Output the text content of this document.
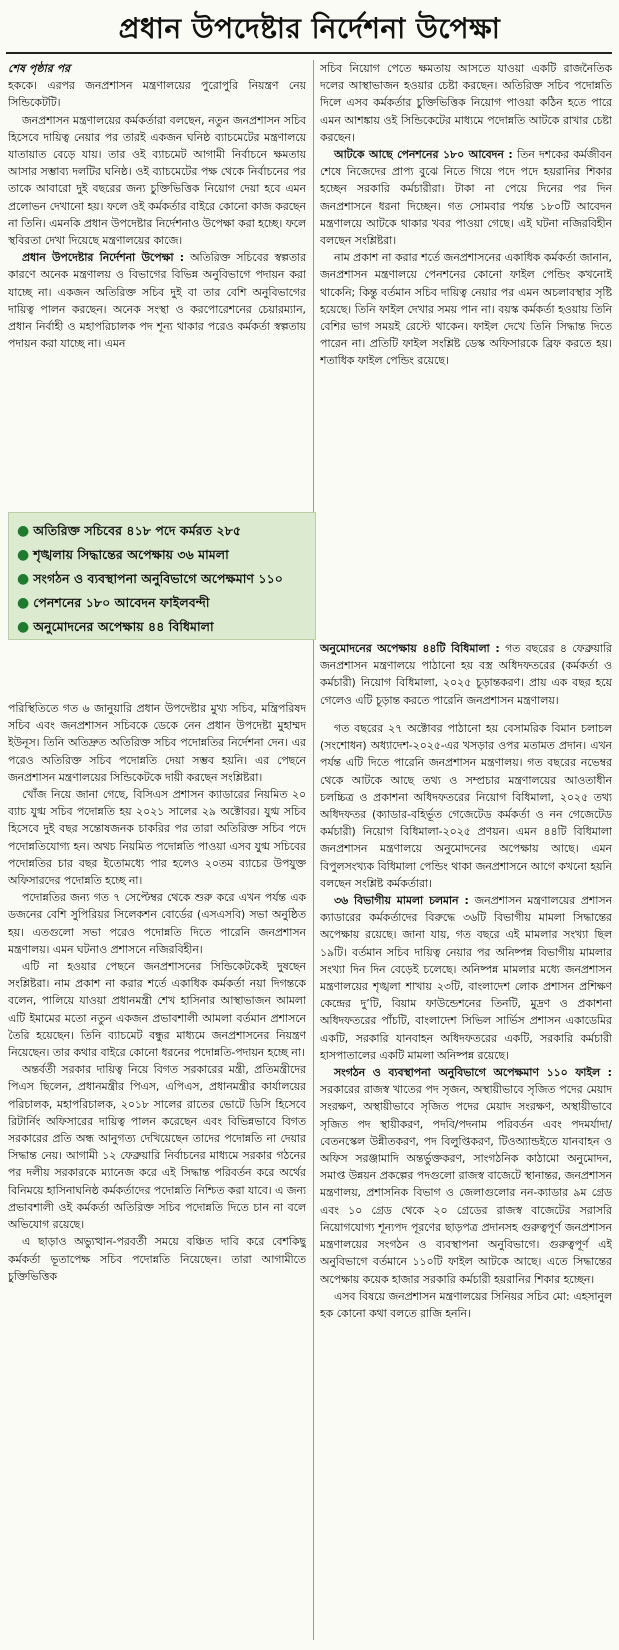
প্রধান উপদেষ্টার নির্দেশনা উপেক্ষা

শেষ পৃষ্ঠার পর

হককে। এরপর জনপ্রশাসন মন্ত্রণালয়ের পুরোপুরি নিয়ন্ত্রণ নেয় সিন্ডিকেটটি।

জনপ্রশাসন মন্ত্রণালয়ের কর্মকর্তারা বলছেন, নতুন জনপ্রশাসন সচিব হিসেবে দায়িত্ব নেয়ার পর তারই একজন ঘনিষ্ঠ ব্যাচমেটের মন্ত্রণালয়ে যাতায়াত বেড়ে যায়। তার ওই ব্যাচমেট আগামী নির্বাচনে ক্ষমতায় আসার সম্ভাব্য দলটির ঘনিষ্ঠ। ওই ব্যাচমেটের পক্ষ থেকে নির্বাচনের পর তাকে আবারো দুই বছরের জন্য চুক্তিভিত্তিক নিয়োগ দেয়া হবে এমন প্রলোভন দেখানো হয়। ফলে ওই কর্মকর্তার বাইরে কোনো কাজ করছেন না তিনি। এমনকি প্রধান উপদেষ্টার নির্দেশনাও উপেক্ষা করা হচ্ছে। ফলে স্থবিরতা দেখা দিয়েছে মন্ত্রণালয়ের কাজে।

প্রধান উপদেষ্টার নির্দেশনা উপেক্ষা : অতিরিক্ত সচিবের স্বল্পতার কারণে অনেক মন্ত্রণালয় ও বিভাগের বিভিন্ন অনুবিভাগে পদায়ন করা যাচ্ছে না। একজন অতিরিক্ত সচিব দুই বা তার বেশি অনুবিভাগের দায়িত্ব পালন করছেন। অনেক সংস্থা ও করপোরেশনের চেয়ারম্যান, প্রধান নির্বাহী ও মহাপরিচালক পদ শূন্য থাকার পরেও কর্মকর্তা স্বল্পতায় পদায়ন করা যাচ্ছে না। এমন

● অতিরিক্ত সচিবের ৪১৮ পদে কর্মরত ২৮৫
● শৃঙ্খলায় সিদ্ধান্তের অপেক্ষায় ৩৬ মামলা
● সংগঠন ও ব্যবস্থাপনা অনুবিভাগে অপেক্ষমাণ ১১০
● পেনশনের ১৮০ আবেদন ফাইলবন্দী
● অনুমোদনের অপেক্ষায় ৪৪ বিধিমালা

পরিস্থিতিতে গত ৬ জানুয়ারি প্রধান উপদেষ্টার মুখ্য সচিব, মন্ত্রিপরিষদ সচিব এবং জনপ্রশাসন সচিবকে ডেকে নেন প্রধান উপদেষ্টা মুহাম্মদ ইউনূস। তিনি অতিদ্রুত অতিরিক্ত সচিব পদোন্নতির নির্দেশনা দেন। এর পরেও অতিরিক্ত সচিব পদোন্নতি দেয়া সম্ভব হয়নি। এর পেছনে জনপ্রশাসন মন্ত্রণালয়ের সিন্ডিকেটকে দায়ী করছেন সংশ্লিষ্টরা।

খোঁজ নিয়ে জানা গেছে, বিসিএস প্রশাসন ক্যাডারের নিয়মিত ২০ ব্যাচ যুগ্ম সচিব পদোন্নতি হয় ২০২১ সালের ২৯ অক্টোবর। যুগ্ম সচিব হিসেবে দুই বছর সন্তোষজনক চাকরির পর তারা অতিরিক্ত সচিব পদে পদোন্নতিযোগ্য হন। অথচ নিয়মিত পদোন্নতি পাওয়া এসব যুগ্ম সচিবের পদোন্নতির চার বছর ইতোমধ্যে পার হলেও ২০তম ব্যাচের উপযুক্ত অফিসারদের পদোন্নতি হচ্ছে না।

পদোন্নতির জন্য গত ৭ সেপ্টেম্বর থেকে শুরু করে এখন পর্যন্ত এক ডজনের বেশি সুপিরিয়র সিলেকশন বোর্ডের (এসএসবি) সভা অনুষ্ঠিত হয়। এতগুলো সভা পরেও পদোন্নতি দিতে পারেনি জনপ্রশাসন মন্ত্রণালয়। এমন ঘটনাও প্রশাসনে নজিরবিহীন।

এটি না হওয়ার পেছনে জনপ্রশাসনের সিন্ডিকেটকেই দুষছেন সংশ্লিষ্টরা। নাম প্রকাশ না করার শর্তে একাধিক কর্মকর্তা নয়া দিগন্তকে বলেন, পালিয়ে যাওয়া প্রধানমন্ত্রী শেখ হাসিনার আস্থাভাজন আমলা এটি ইমামের মতো নতুন একজন প্রভাবশালী আমলা বর্তমান প্রশাসনে তৈরি হয়েছেন। তিনি ব্যাচমেট বন্ধুর মাধ্যমে জনপ্রশাসনের নিয়ন্ত্রণ নিয়েছেন। তার কথার বাইরে কোনো ধরনের পদোন্নতি-পদায়ন হচ্ছে না।

অন্তর্বর্তী সরকার দায়িত্ব নিয়ে বিগত সরকারের মন্ত্রী, প্রতিমন্ত্রীদের পিএস ছিলেন, প্রধানমন্ত্রীর পিএস, এপিএস, প্রধানমন্ত্রীর কার্যালয়ের পরিচালক, মহাপরিচালক, ২০১৮ সালের রাতের ভোটে ডিসি হিসেবে রিটার্নিং অফিসারের দায়িত্ব পালন করেছেন এবং বিভিন্নভাবে বিগত সরকারের প্রতি অন্ধ আনুগত্য দেখিয়েছেন তাদের পদোন্নতি না দেয়ার সিদ্ধান্ত নেয়। আগামী ১২ ফেব্রুয়ারি নির্বাচনের মাধ্যমে সরকার গঠনের পর দলীয় সরকারকে ম্যানেজ করে এই সিদ্ধান্ত পরিবর্তন করে অর্থের বিনিময়ে হাসিনাঘনিষ্ঠ কর্মকর্তাদের পদোন্নতি নিশ্চিত করা যাবে। এ জন্য প্রভাবশালী ওই কর্মকর্তা অতিরিক্ত সচিব পদোন্নতি দিতে চান না বলে অভিযোগ রয়েছে।

এ ছাড়াও অভ্যুত্থান-পরবর্তী সময়ে বঞ্চিত দাবি করে বেশকিছু কর্মকর্তা ভূতাপেক্ষ সচিব পদোন্নতি নিয়েছেন। তারা আগামীতে চুক্তিভিত্তিক

সচিব নিয়োগ পেতে ক্ষমতায় আসতে যাওয়া একটি রাজনৈতিক দলের আস্থাভাজন হওয়ার চেষ্টা করছেন। অতিরিক্ত সচিব পদোন্নতি দিলে এসব কর্মকর্তার চুক্তিভিত্তিক নিয়োগ পাওয়া কঠিন হতে পারে এমন আশঙ্কায় ওই সিন্ডিকেটের মাধ্যমে পদোন্নতি আটকে রাখার চেষ্টা করছেন।

আটকে আছে পেনশনের ১৮০ আবেদন : তিন দশকের কর্মজীবন শেষে নিজেদের প্রাপ্য বুঝে নিতে গিয়ে পদে পদে হয়রানির শিকার হচ্ছেন সরকারি কর্মচারীরা। টাকা না পেয়ে দিনের পর দিন জনপ্রশাসনে ধরনা দিচ্ছেন। গত সোমবার পর্যন্ত ১৮০টি আবেদন মন্ত্রণালয়ে আটকে থাকার খবর পাওয়া গেছে। এই ঘটনা নজিরবিহীন বলছেন সংশ্লিষ্টরা।

নাম প্রকাশ না করার শর্তে জনপ্রশাসনের একাধিক কর্মকর্তা জানান, জনপ্রশাসন মন্ত্রণালয়ে পেনশনের কোনো ফাইল পেন্ডিং কখনোই থাকেনি; কিন্তু বর্তমান সচিব দায়িত্ব নেয়ার পর এমন অচলাবস্থার সৃষ্টি হয়েছে। তিনি ফাইল দেখার সময় পান না। বয়স্ক কর্মকর্তা হওয়ায় তিনি বেশির ভাগ সময়ই রেস্টে থাকেন। ফাইল দেখে তিনি সিদ্ধান্ত দিতে পারেন না। প্রতিটি ফাইল সংশ্লিষ্ট ডেস্ক অফিসারকে ব্রিফ করতে হয়। শতাধিক ফাইল পেন্ডিং রয়েছে।

অনুমোদনের অপেক্ষায় ৪৪টি বিধিমালা : গত বছরের ৪ ফেব্রুয়ারি জনপ্রশাসন মন্ত্রণালয়ে পাঠানো হয় বস্ত্র অধিদফতরের (কর্মকর্তা ও কর্মচারী) নিয়োগ বিধিমালা, ২০২৫ চূড়ান্তকরণ। প্রায় এক বছর হয়ে গেলেও এটি চূড়ান্ত করতে পারেনি জনপ্রশাসন মন্ত্রণালয়।

গত বছরের ২৭ অক্টোবর পাঠানো হয় বেসামরিক বিমান চলাচল (সংশোধন) অধ্যাদেশ-২০২৫-এর খসড়ার ওপর মতামত প্রদান। এখন পর্যন্ত এটি দিতে পারেনি জনপ্রশাসন মন্ত্রণালয়। গত বছরের নভেম্বর থেকে আটকে আছে তথ্য ও সম্প্রচার মন্ত্রণালয়ের আওতাধীন চলচ্চিত্র ও প্রকাশনা অধিদফতরের নিয়োগ বিধিমালা, ২০২৫ তথ্য অধিদফতর (ক্যাডার-বহির্ভূত গেজেটেড কর্মকর্তা ও নন গেজেটেড কর্মচারী) নিয়োগ বিধিমালা-২০২৫ প্রণয়ন। এমন ৪৪টি বিধিমালা জনপ্রশাসন মন্ত্রণালয়ে অনুমোদনের অপেক্ষায় আছে। এমন বিপুলসংখ্যক বিধিমালা পেন্ডিং থাকা জনপ্রশাসনে আগে কখনো হয়নি বলছেন সংশ্লিষ্ট কর্মকর্তারা।

৩৬ বিভাগীয় মামলা চলমান : জনপ্রশাসন মন্ত্রণালয়ের প্রশাসন ক্যাডারের কর্মকর্তাদের বিরুদ্ধে ৩৬টি বিভাগীয় মামলা সিদ্ধান্তের অপেক্ষায় রয়েছে। জানা যায়, গত বছরে এই মামলার সংখ্যা ছিল ১৯টি। বর্তমান সচিব দায়িত্ব নেয়ার পর অনিষ্পন্ন বিভাগীয় মামলার সংখ্যা দিন দিন বেড়েই চলেছে। অনিষ্পন্ন মামলার মধ্যে জনপ্রশাসন মন্ত্রণালয়ের শৃঙ্খলা শাখায় ২৩টি, বাংলাদেশ লোক প্রশাসন প্রশিক্ষণ কেন্দ্রের দু’টি, বিয়াম ফাউন্ডেশনের তিনটি, মুদ্রণ ও প্রকাশনা অধিদফতরের পাঁচটি, বাংলাদেশ সিভিল সার্ভিস প্রশাসন একাডেমির একটি, সরকারি যানবাহন অধিদফতরের একটি, সরকারি কর্মচারী হাসপাতালের একটি মামলা অনিষ্পন্ন রয়েছে।

সংগঠন ও ব্যবস্থাপনা অনুবিভাগে অপেক্ষমাণ ১১০ ফাইল : সরকারের রাজস্ব খাতের পদ সৃজন, অস্থায়ীভাবে সৃজিত পদের মেয়াদ সংরক্ষণ, অস্থায়ীভাবে সৃজিত পদের মেয়াদ সংরক্ষণ, অস্থায়ীভাবে সৃজিত পদ স্থায়ীকরণ, পদবি/পদনাম পরিবর্তন এবং পদমর্যাদা/বেতনস্কেল উন্নীতকরণ, পদ বিলুপ্তিকরণ, টিওঅ্যান্ডইতে যানবাহন ও অফিস সরঞ্জামাদি অন্তর্ভুক্তকরণ, সাংগঠনিক কাঠামো অনুমোদন, সমাপ্ত উন্নয়ন প্রকল্পের পদগুলো রাজস্ব বাজেটে স্থানান্তর, জনপ্রশাসন মন্ত্রণালয়, প্রশাসনিক বিভাগ ও জেলাগুলোর নন-ক্যাডার ৯ম গ্রেড এবং ১০ গ্রেড থেকে ২০ গ্রেডের রাজস্ব বাজেটের সরাসরি নিয়োগযোগ্য শূন্যপদ পূরণের ছাড়পত্র প্রদানসহ গুরুত্বপূর্ণ জনপ্রশাসন মন্ত্রণালয়ের সংগঠন ও ব্যবস্থাপনা অনুবিভাগে। গুরুত্বপূর্ণ এই অনুবিভাগে বর্তমানে ১১০টি ফাইল আটকে আছে। এতে সিদ্ধান্তের অপেক্ষায় কয়েক হাজার সরকারি কর্মচারী হয়রানির শিকার হচ্ছেন।

এসব বিষয়ে জনপ্রশাসন মন্ত্রণালয়ের সিনিয়র সচিব মো: এহসানুল হক কোনো কথা বলতে রাজি হননি।
